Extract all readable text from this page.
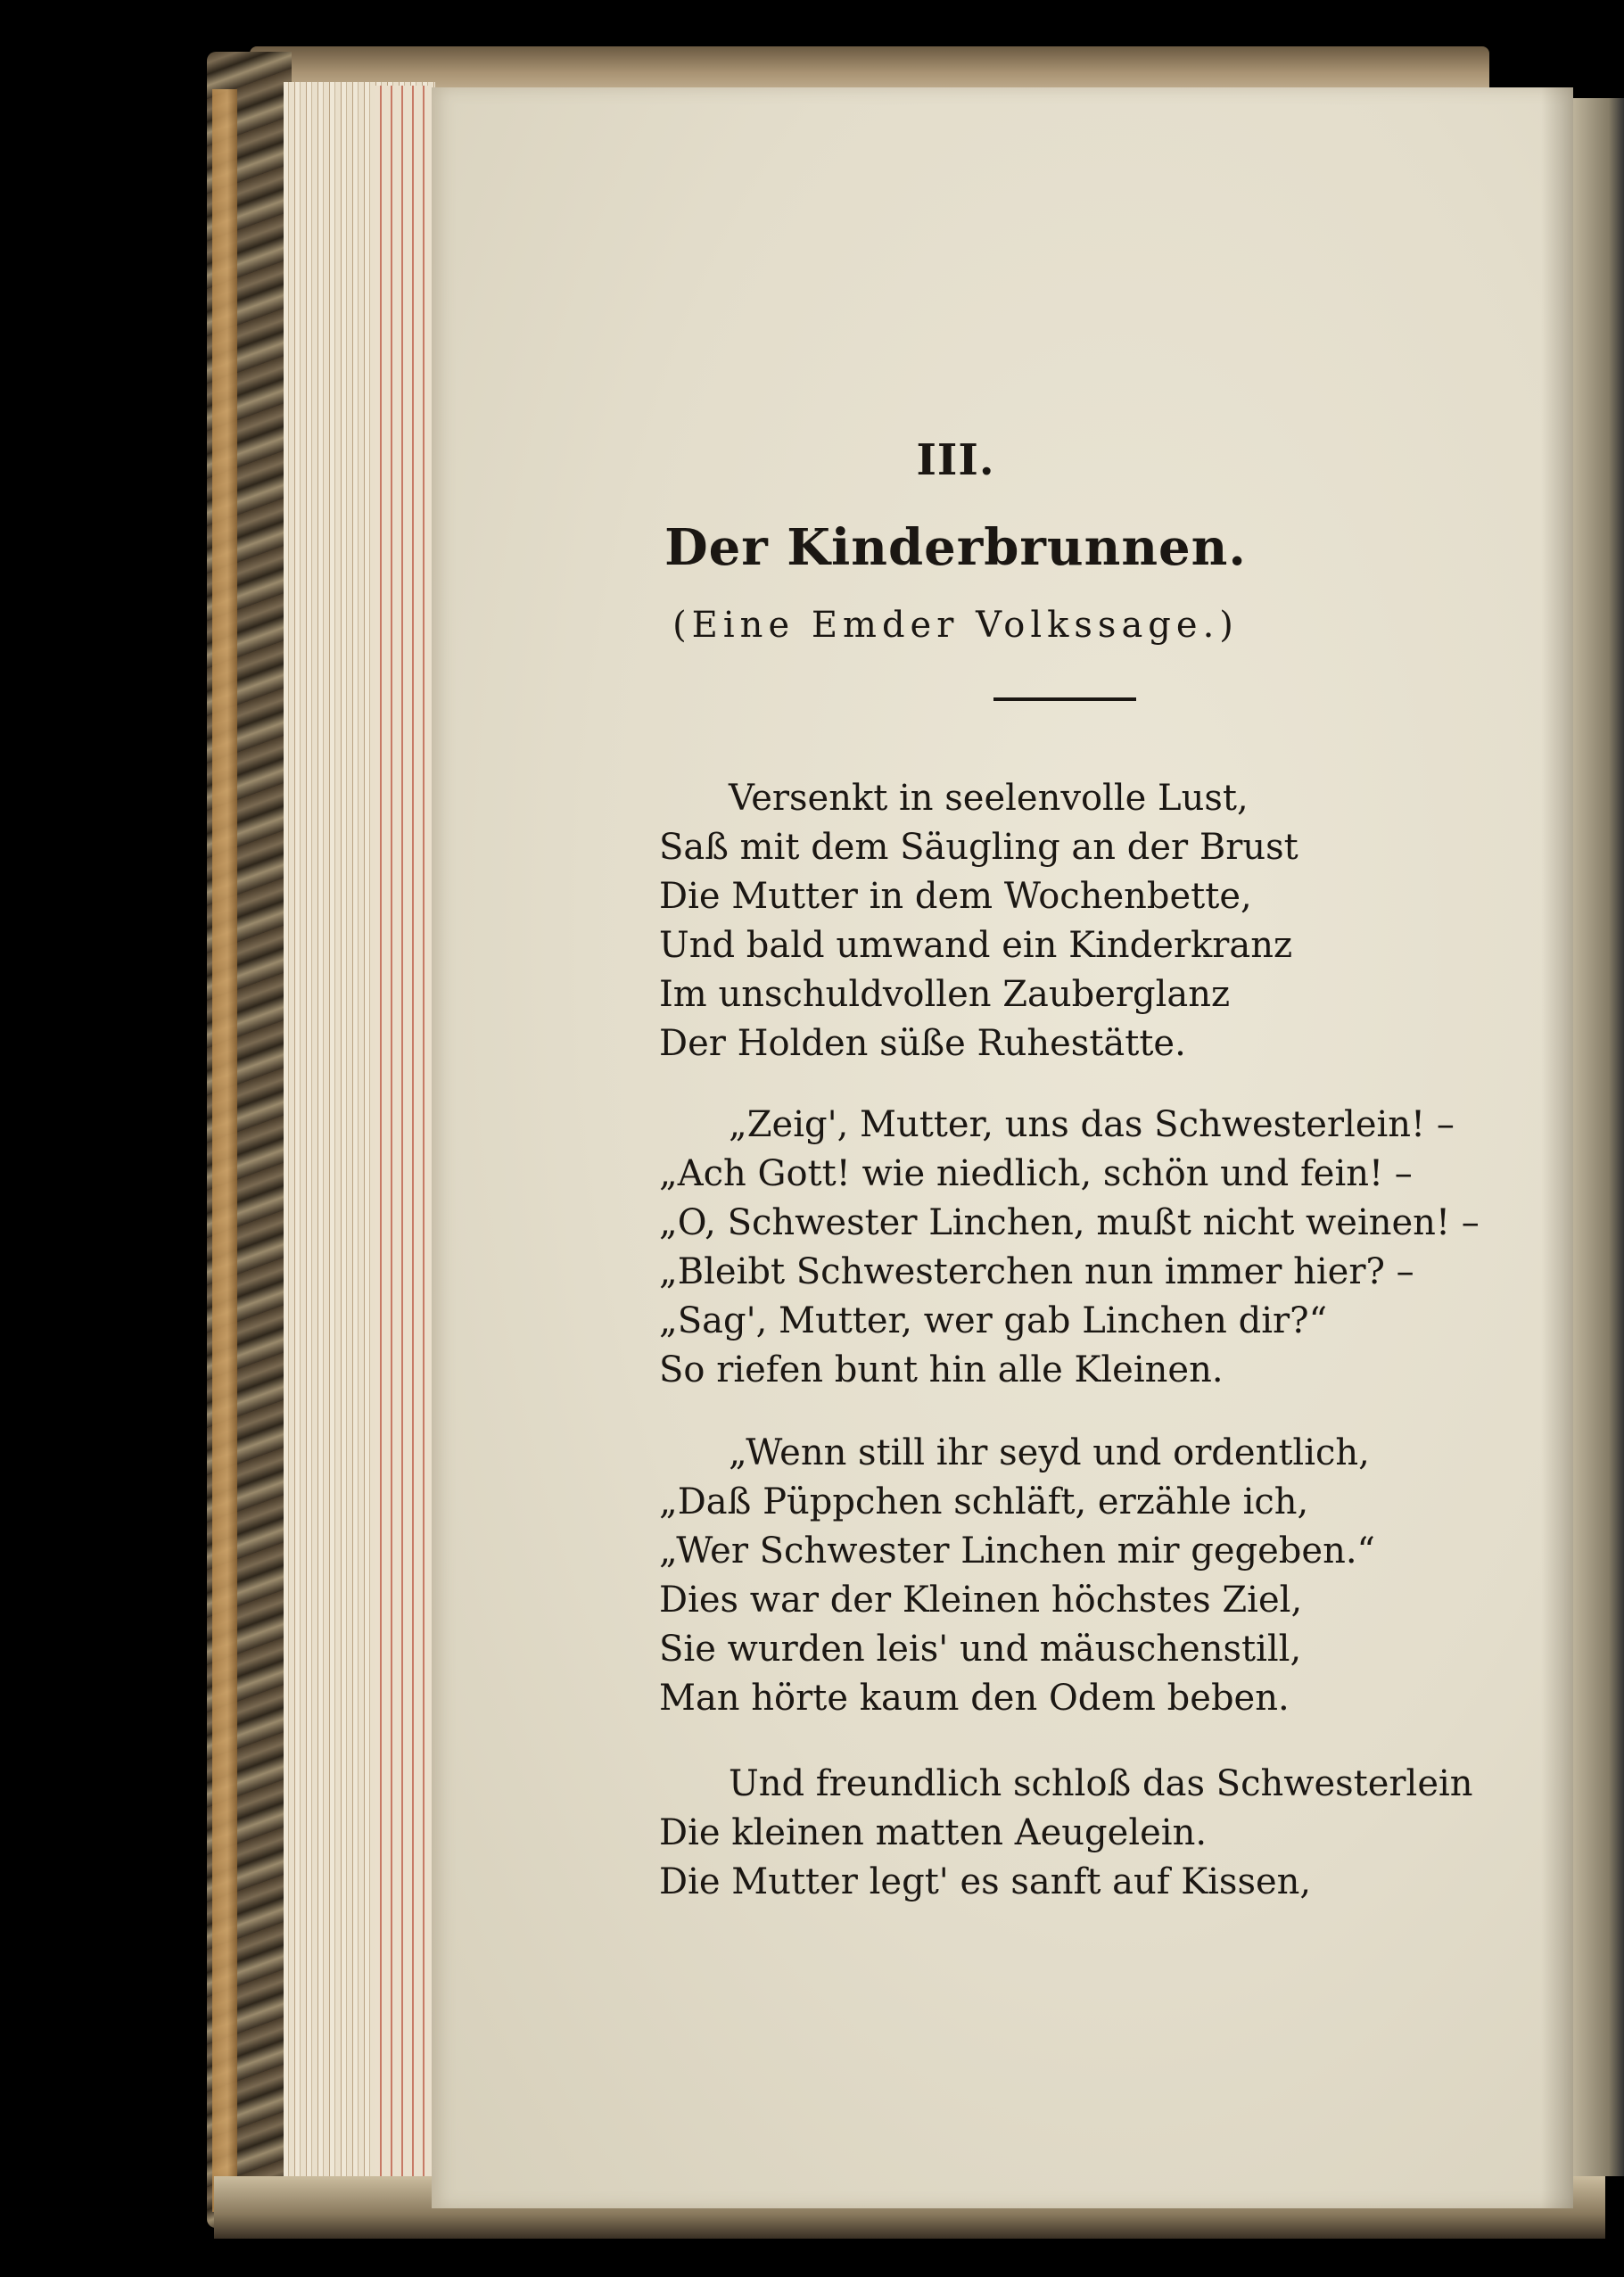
III.
Der Kinderbrunnen.
(Eine Emder Volkssage.)
Versenkt in seelenvolle Lust,
Saß mit dem Säugling an der Brust
Die Mutter in dem Wochenbette,
Und bald umwand ein Kinderkranz
Im unschuldvollen Zauberglanz
Der Holden süße Ruhestätte.
„Zeig', Mutter, uns das Schwesterlein! –
„Ach Gott! wie niedlich, schön und fein! –
„O, Schwester Linchen, mußt nicht weinen! –
„Bleibt Schwesterchen nun immer hier? –
„Sag', Mutter, wer gab Linchen dir?“
So riefen bunt hin alle Kleinen.
„Wenn still ihr seyd und ordentlich,
„Daß Püppchen schläft, erzähle ich,
„Wer Schwester Linchen mir gegeben.“
Dies war der Kleinen höchstes Ziel,
Sie wurden leis' und mäuschenstill,
Man hörte kaum den Odem beben.
Und freundlich schloß das Schwesterlein
Die kleinen matten Aeugelein.
Die Mutter legt' es sanft auf Kissen,
